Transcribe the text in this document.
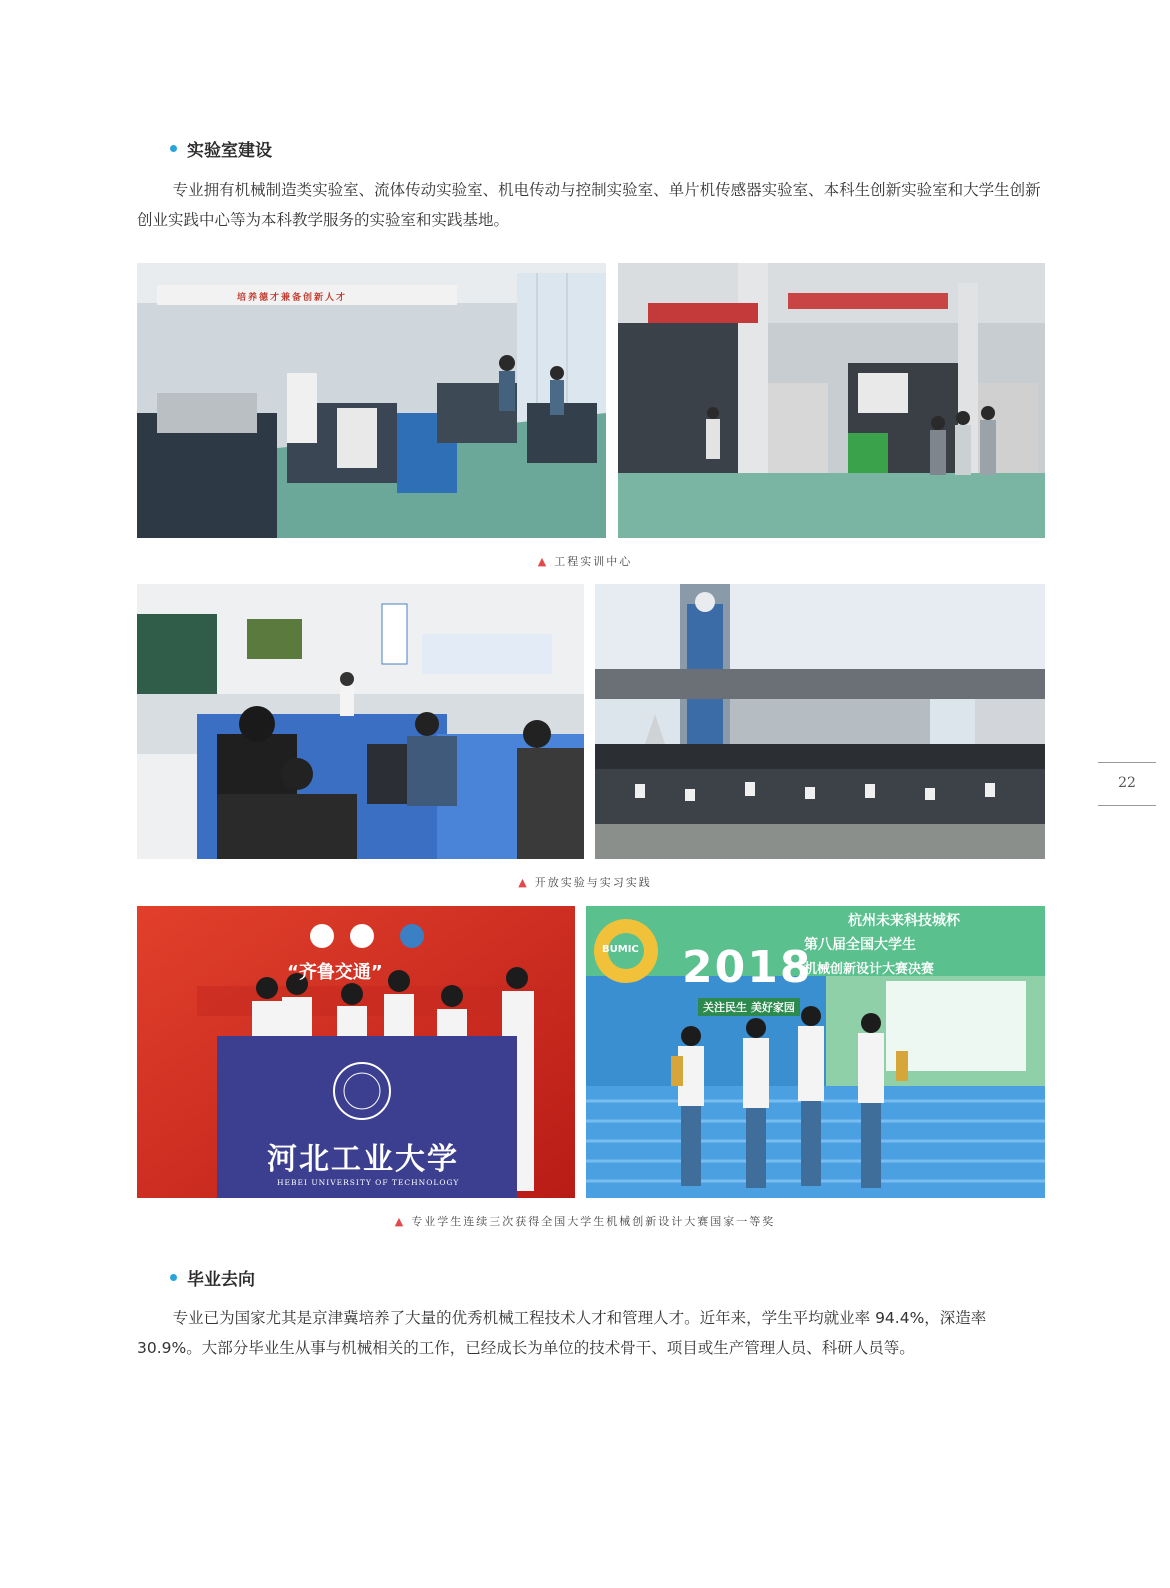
实验室建设

专业拥有机械制造类实验室、流体传动实验室、机电传动与控制实验室、单片机传感器实验室、本科生创新实验室和大学生创新创业实践中心等为本科教学服务的实验室和实践基地。

培养德才兼备创新人才
▲ 工程实训中心
▲ 开放实验与实习实践
“齐鲁交通”
河北工业大学
HEBEI UNIVERSITY OF TECHNOLOGY
BUMIC
杭州未来科技城杯
第八届全国大学生
机械创新设计大赛决赛
2018
关注民生 美好家园
▲ 专业学生连续三次获得全国大学生机械创新设计大赛国家一等奖
毕业去向

专业已为国家尤其是京津冀培养了大量的优秀机械工程技术人才和管理人才。近年来，学生平均就业率 94.4%，深造率 30.9%。大部分毕业生从事与机械相关的工作，已经成长为单位的技术骨干、项目或生产管理人员、科研人员等。

22
